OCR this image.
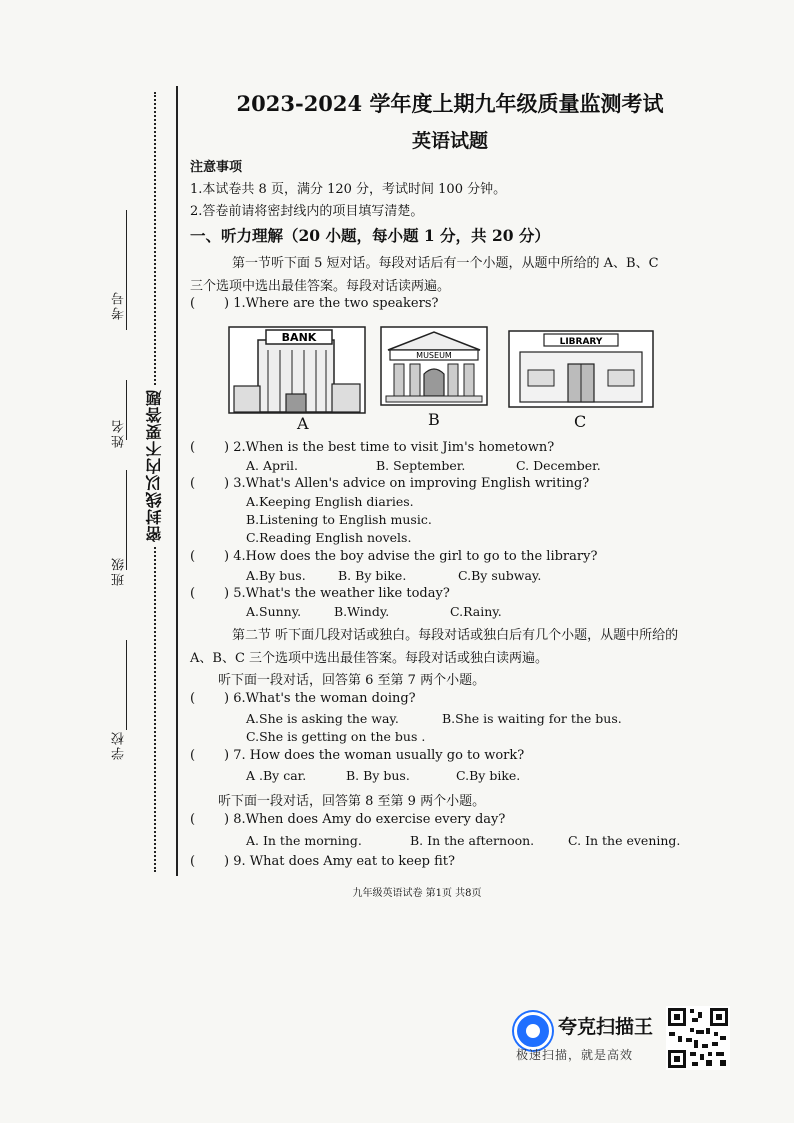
考号
姓名
班级
学校
密封线以内不要答题
2023-2024 学年度上期九年级质量监测考试
英语试题
注意事项
1.本试卷共 8 页，满分 120 分，考试时间 100 分钟。
2.答卷前请将密封线内的项目填写清楚。
一、听力理解（20 小题，每小题 1 分，共 20 分）
第一节听下面 5 短对话。每段对话后有一个小题，从题中所给的 A、B、C
三个选项中选出最佳答案。每段对话读两遍。
( ) 1.Where are the two speakers?
BANK
MUSEUM
LIBRARY
A	B	C
( ) 2.When is the best time to visit Jim's hometown?
A. April.	B. September.	C. December.
( ) 3.What's Allen's advice on improving English writing?
A.Keeping English diaries.
B.Listening to English music.
C.Reading English novels.
( ) 4.How does the boy advise the girl to go to the library?
A.By bus.	B. By bike.	C.By subway.
( ) 5.What's the weather like today?
A.Sunny.	B.Windy.	C.Rainy.
第二节 听下面几段对话或独白。每段对话或独白后有几个小题，从题中所给的
A、B、C 三个选项中选出最佳答案。每段对话或独白读两遍。
听下面一段对话，回答第 6 至第 7 两个小题。
( ) 6.What's the woman doing?
A.She is asking the way.	B.She is waiting for the bus.
C.She is getting on the bus .
( ) 7. How does the woman usually go to work?
A .By car.	B. By bus.	C.By bike.
听下面一段对话，回答第 8 至第 9 两个小题。
( ) 8.When does Amy do exercise every day?
A. In the morning.	B. In the afternoon.	C. In the evening.
( ) 9. What does Amy eat to keep fit?
九年级英语试卷 第1页 共8页
夸克扫描王
极速扫描，就是高效
